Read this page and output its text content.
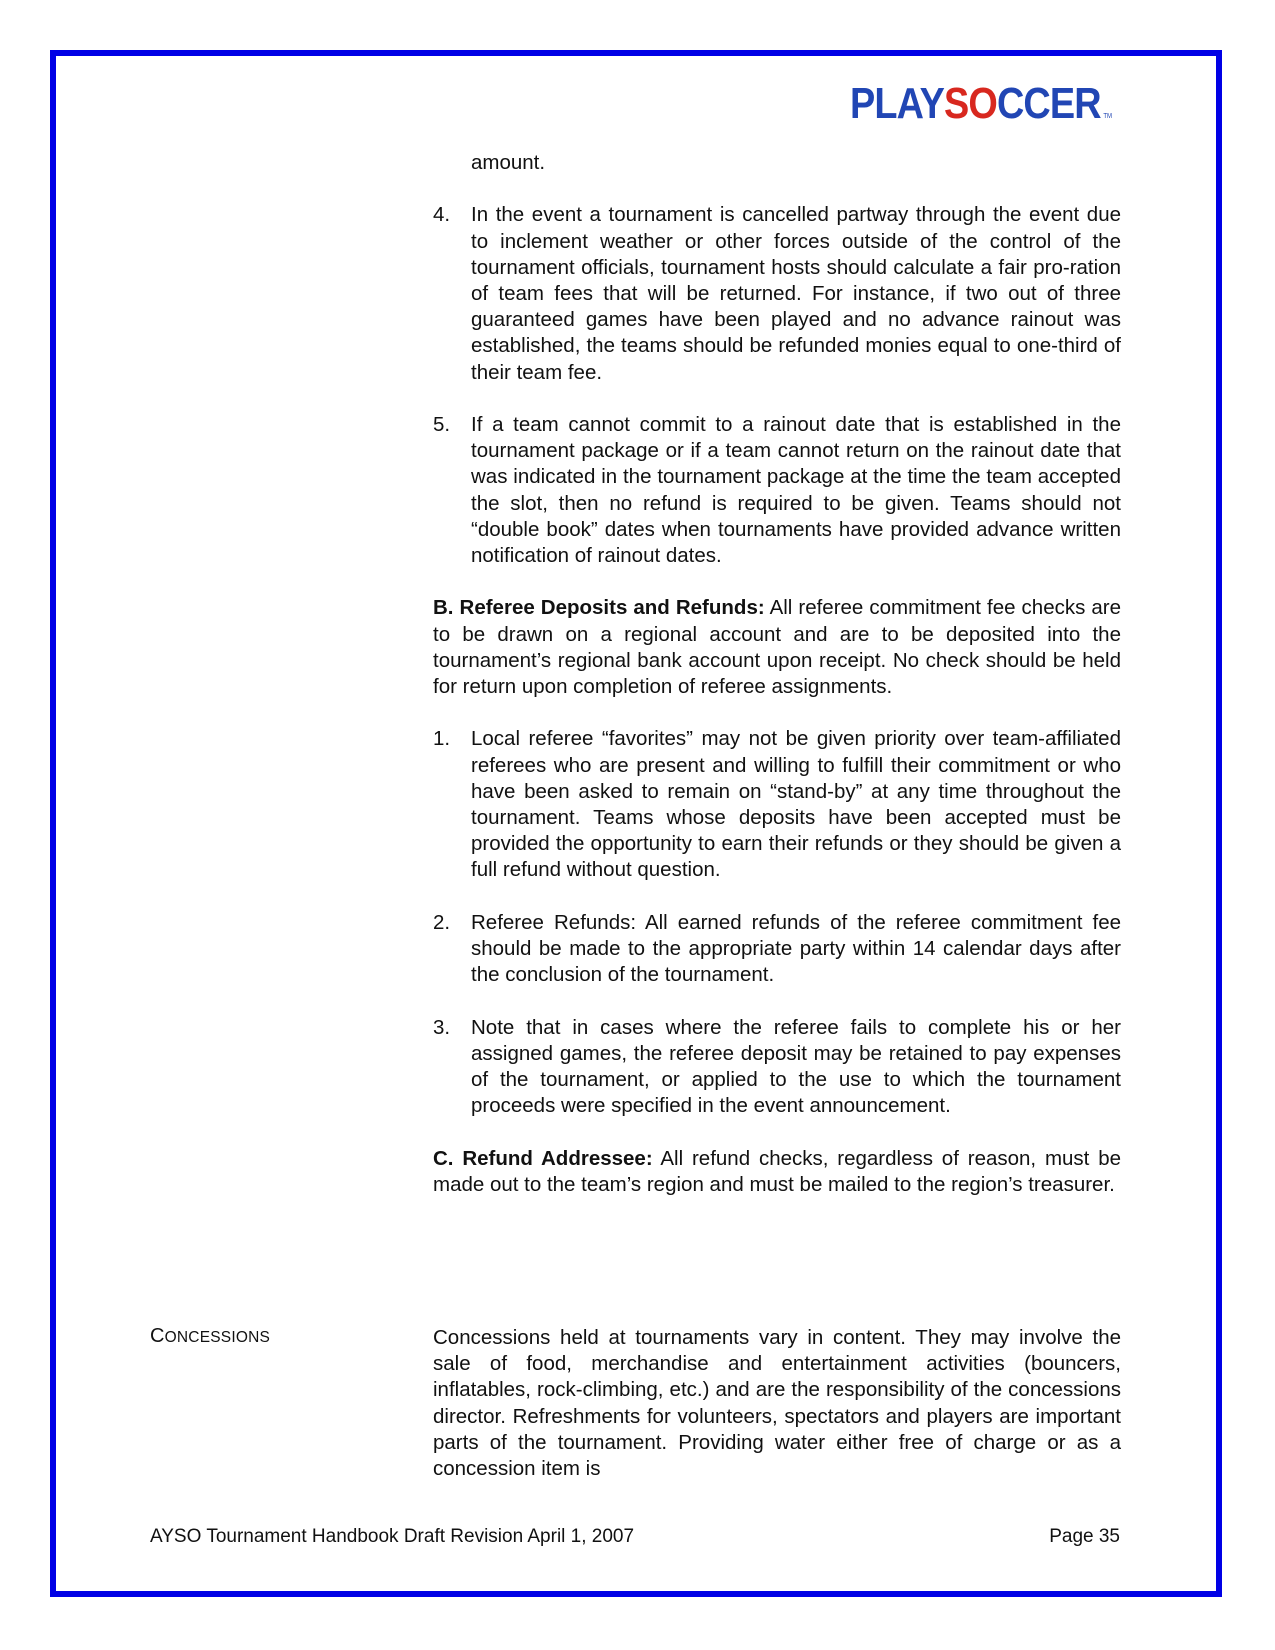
PLAYSOCCER TM

amount.

4. In the event a tournament is cancelled partway through the event due to inclement weather or other forces outside of the control of the tournament officials, tournament hosts should calculate a fair pro-ration of team fees that will be returned. For instance, if two out of three guaranteed games have been played and no advance rainout was established, the teams should be refunded monies equal to one-third of their team fee.

5. If a team cannot commit to a rainout date that is established in the tournament package or if a team cannot return on the rainout date that was indicated in the tournament package at the time the team accepted the slot, then no refund is required to be given. Teams should not “double book” dates when tournaments have provided advance written notification of rainout dates.

B. Referee Deposits and Refunds: All referee commitment fee checks are to be drawn on a regional account and are to be deposited into the tournament’s regional bank account upon receipt. No check should be held for return upon completion of referee assignments.

1. Local referee “favorites” may not be given priority over team-affiliated referees who are present and willing to fulfill their commitment or who have been asked to remain on “stand-by” at any time throughout the tournament. Teams whose deposits have been accepted must be provided the opportunity to earn their refunds or they should be given a full refund without question.

2. Referee Refunds: All earned refunds of the referee commitment fee should be made to the appropriate party within 14 calendar days after the conclusion of the tournament.

3. Note that in cases where the referee fails to complete his or her assigned games, the referee deposit may be retained to pay expenses of the tournament, or applied to the use to which the tournament proceeds were specified in the event announcement.

C. Refund Addressee: All refund checks, regardless of reason, must be made out to the team’s region and must be mailed to the region’s treasurer.

CONCESSIONS	Concessions held at tournaments vary in content. They may involve the sale of food, merchandise and entertainment activities (bouncers, inflatables, rock-climbing, etc.) and are the responsibility of the concessions director. Refreshments for volunteers, spectators and players are important parts of the tournament. Providing water either free of charge or as a concession item is
AYSO Tournament Handbook Draft Revision April 1, 2007	Page 35
